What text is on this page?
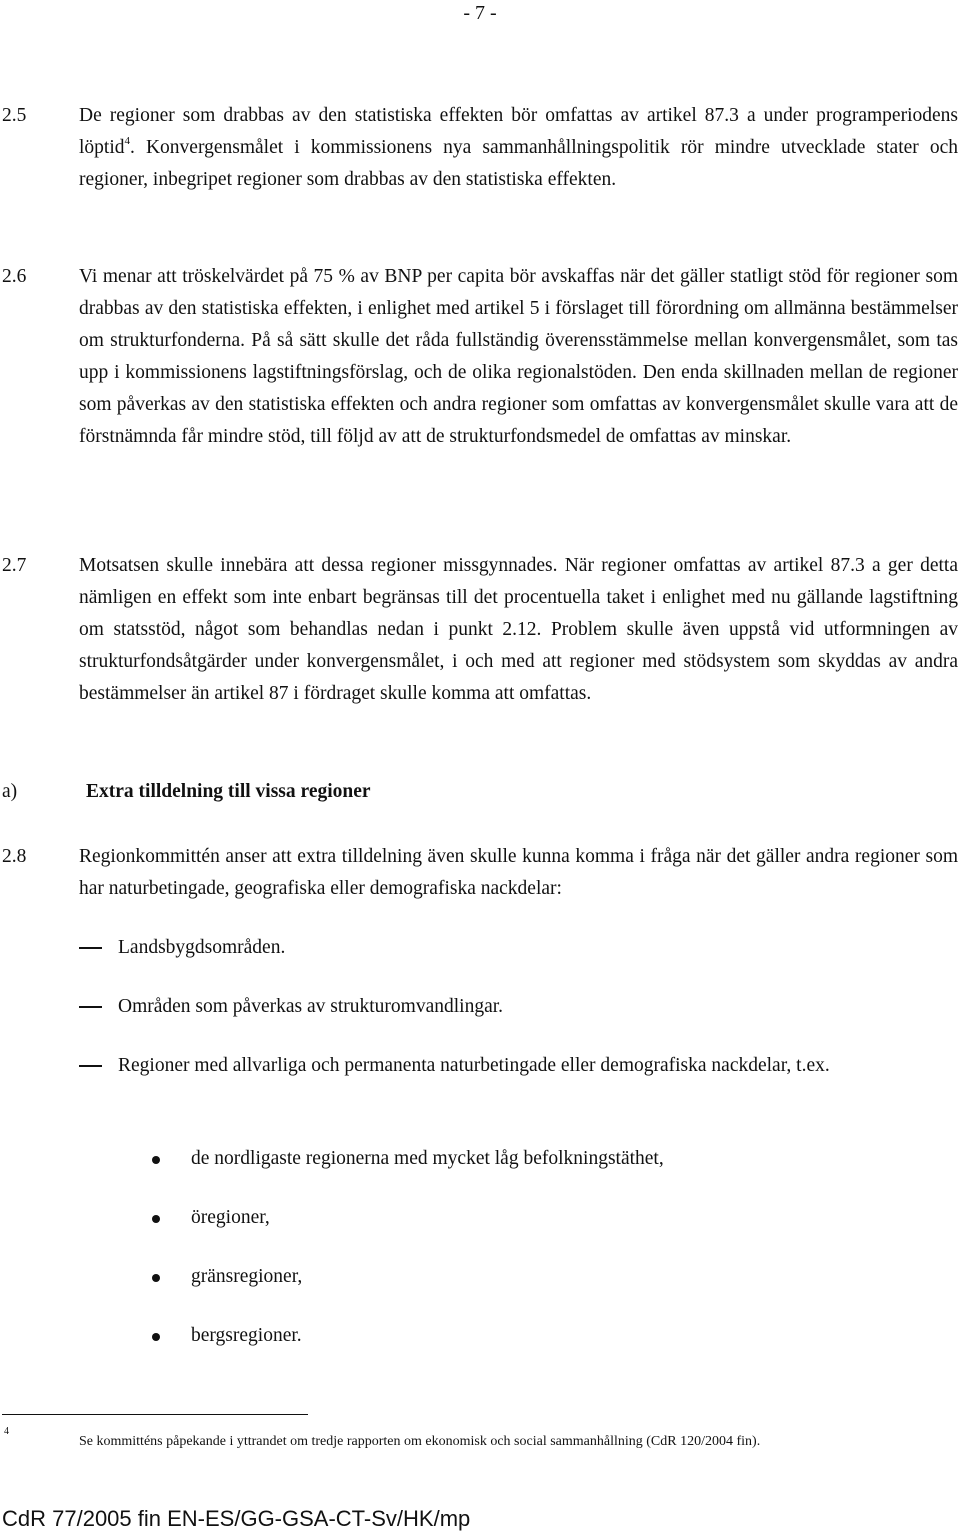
- 7 -
2.5	De regioner som drabbas av den statistiska effekten bör omfattas av artikel 87.3 a under programperiodens löptid$^4$. Konvergensmålet i kommissionens nya sammanhållningspolitik rör mindre utvecklade stater och regioner, inbegripet regioner som drabbas av den statistiska effekten.
2.6	Vi menar att tröskelvärdet på 75 % av BNP per capita bör avskaffas när det gäller statligt stöd för regioner som drabbas av den statistiska effekten, i enlighet med artikel 5 i förslaget till förordning om allmänna bestämmelser om strukturfonderna. På så sätt skulle det råda fullständig överensstämmelse mellan konvergensmålet, som tas upp i kommissionens lagstiftningsförslag, och de olika regionalstöden. Den enda skillnaden mellan de regioner som påverkas av den statistiska effekten och andra regioner som omfattas av konvergensmålet skulle vara att de förstnämnda får mindre stöd, till följd av att de strukturfondsmedel de omfattas av minskar.
2.7	Motsatsen skulle innebära att dessa regioner missgynnades. När regioner omfattas av artikel 87.3 a ger detta nämligen en effekt som inte enbart begränsas till det procentuella taket i enlighet med nu gällande lagstiftning om statsstöd, något som behandlas nedan i punkt 2.12. Problem skulle även uppstå vid utformningen av strukturfondsåtgärder under konvergensmålet, i och med att regioner med stödsystem som skyddas av andra bestämmelser än artikel 87 i fördraget skulle komma att omfattas.
a)	Extra tilldelning till vissa regioner
2.8	Regionkommittén anser att extra tilldelning även skulle kunna komma i fråga när det gäller andra regioner som har naturbetingade, geografiska eller demografiska nackdelar:
Landsbygdsområden.
Områden som påverkas av strukturomvandlingar.
Regioner med allvarliga och permanenta naturbetingade eller demografiska nackdelar, t.ex.
de nordligaste regionerna med mycket låg befolkningstäthet,
öregioner,
gränsregioner,
bergsregioner.
4
Se kommitténs påpekande i yttrandet om tredje rapporten om ekonomisk och social sammanhållning (CdR 120/2004 fin).
CdR 77/2005 fin EN-ES/GG-GSA-CT-Sv/HK/mp
